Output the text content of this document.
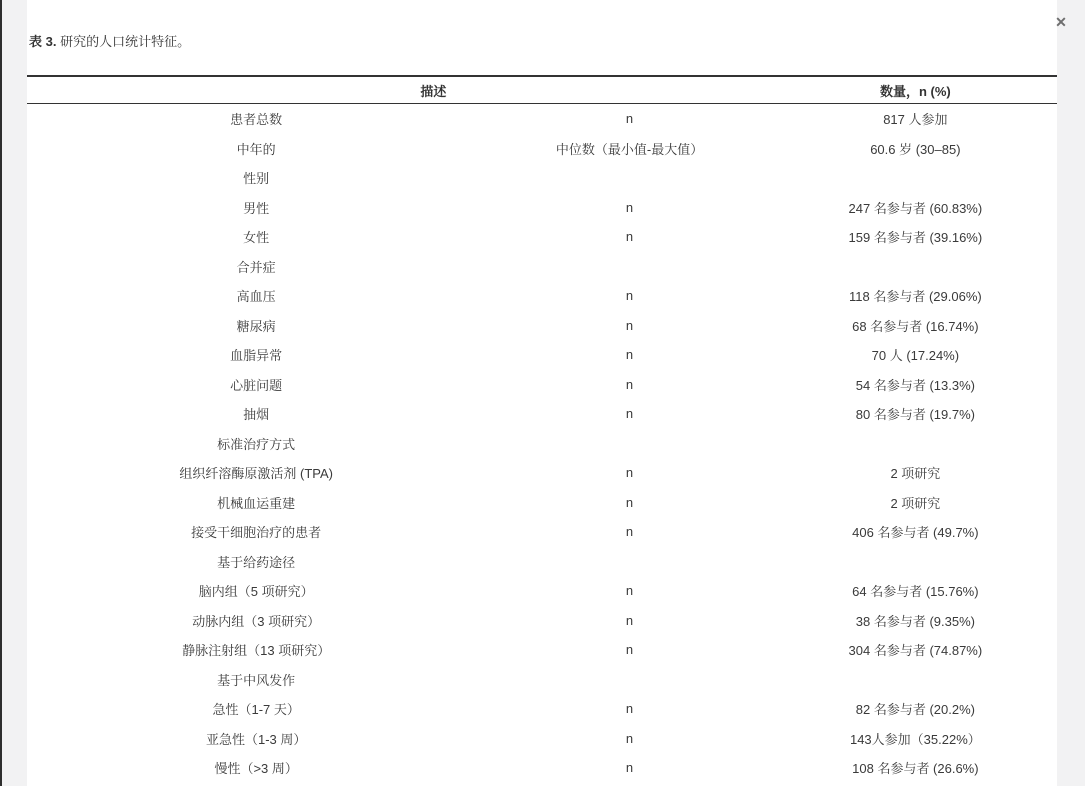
表 3. 研究的人口统计特征。
描述		数量，n (%)
患者总数	n	817 人参加
中年的	中位数（最小值-最大值）	60.6 岁 (30–85)
性别		
男性	n	247 名参与者 (60.83%)
女性	n	159 名参与者 (39.16%)
合并症		
高血压	n	118 名参与者 (29.06%)
糖尿病	n	68 名参与者 (16.74%)
血脂异常	n	70 人 (17.24%)
心脏问题	n	54 名参与者 (13.3%)
抽烟	n	80 名参与者 (19.7%)
标准治疗方式		
组织纤溶酶原激活剂 (TPA)	n	2 项研究
机械血运重建	n	2 项研究
接受干细胞治疗的患者	n	406 名参与者 (49.7%)
基于给药途径		
脑内组（5 项研究）	n	64 名参与者 (15.76%)
动脉内组（3 项研究）	n	38 名参与者 (9.35%)
静脉注射组（13 项研究）	n	304 名参与者 (74.87%)
基于中风发作		
急性（1-7 天）	n	82 名参与者 (20.2%)
亚急性（1-3 周）	n	143人参加（35.22%）
慢性（>3 周）	n	108 名参与者 (26.6%)
✕
